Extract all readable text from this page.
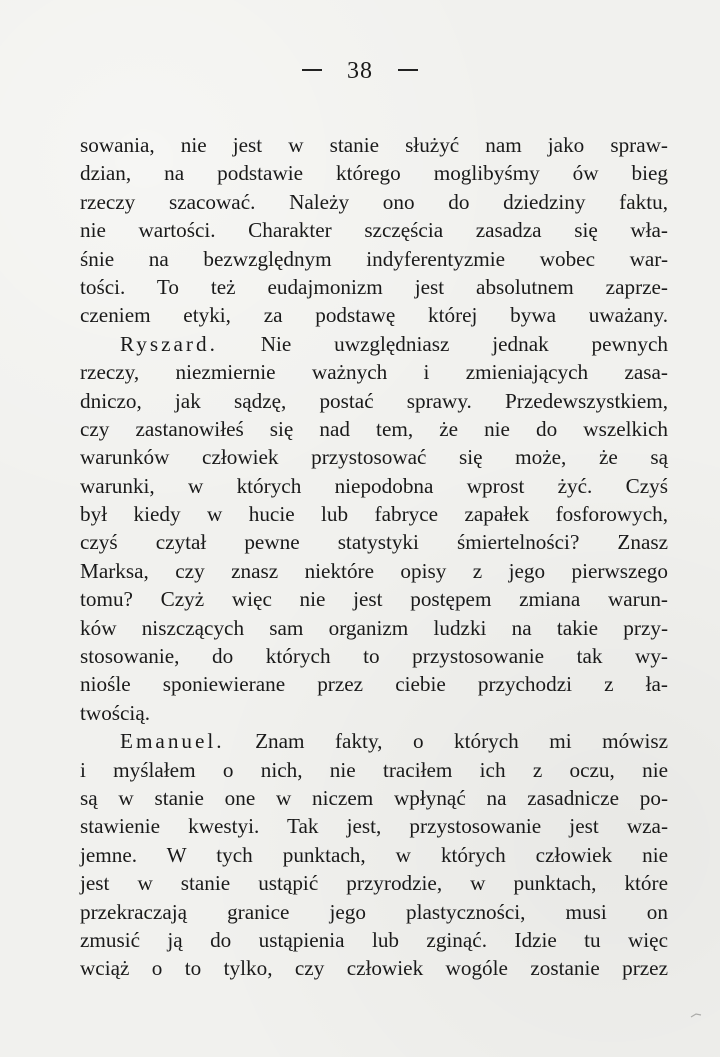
38
sowania, nie jest w stanie służyć nam jako spraw-
dzian, na podstawie którego moglibyśmy ów bieg
rzeczy szacować. Należy ono do dziedziny faktu,
nie wartości. Charakter szczęścia zasadza się wła-
śnie na bezwzględnym indyferentyzmie wobec war-
tości. To też eudajmonizm jest absolutnem zaprze-
czeniem etyki, za podstawę której bywa uważany.
Ryszard. Nie uwzględniasz jednak pewnych
rzeczy, niezmiernie ważnych i zmieniających zasa-
dniczo, jak sądzę, postać sprawy. Przedewszystkiem,
czy zastanowiłeś się nad tem, że nie do wszelkich
warunków człowiek przystosować się może, że są
warunki, w których niepodobna wprost żyć. Czyś
był kiedy w hucie lub fabryce zapałek fosforowych,
czyś czytał pewne statystyki śmiertelności? Znasz
Marksa, czy znasz niektóre opisy z jego pierwszego
tomu? Czyż więc nie jest postępem zmiana warun-
ków niszczących sam organizm ludzki na takie przy-
stosowanie, do których to przystosowanie tak wy-
niośle sponiewierane przez ciebie przychodzi z ła-
twością.
Emanuel. Znam fakty, o których mi mówisz
i myślałem o nich, nie traciłem ich z oczu, nie
są w stanie one w niczem wpłynąć na zasadnicze po-
stawienie kwestyi. Tak jest, przystosowanie jest wza-
jemne. W tych punktach, w których człowiek nie
jest w stanie ustąpić przyrodzie, w punktach, które
przekraczają granice jego plastyczności, musi on
zmusić ją do ustąpienia lub zginąć. Idzie tu więc
wciąż o to tylko, czy człowiek wogóle zostanie przez
